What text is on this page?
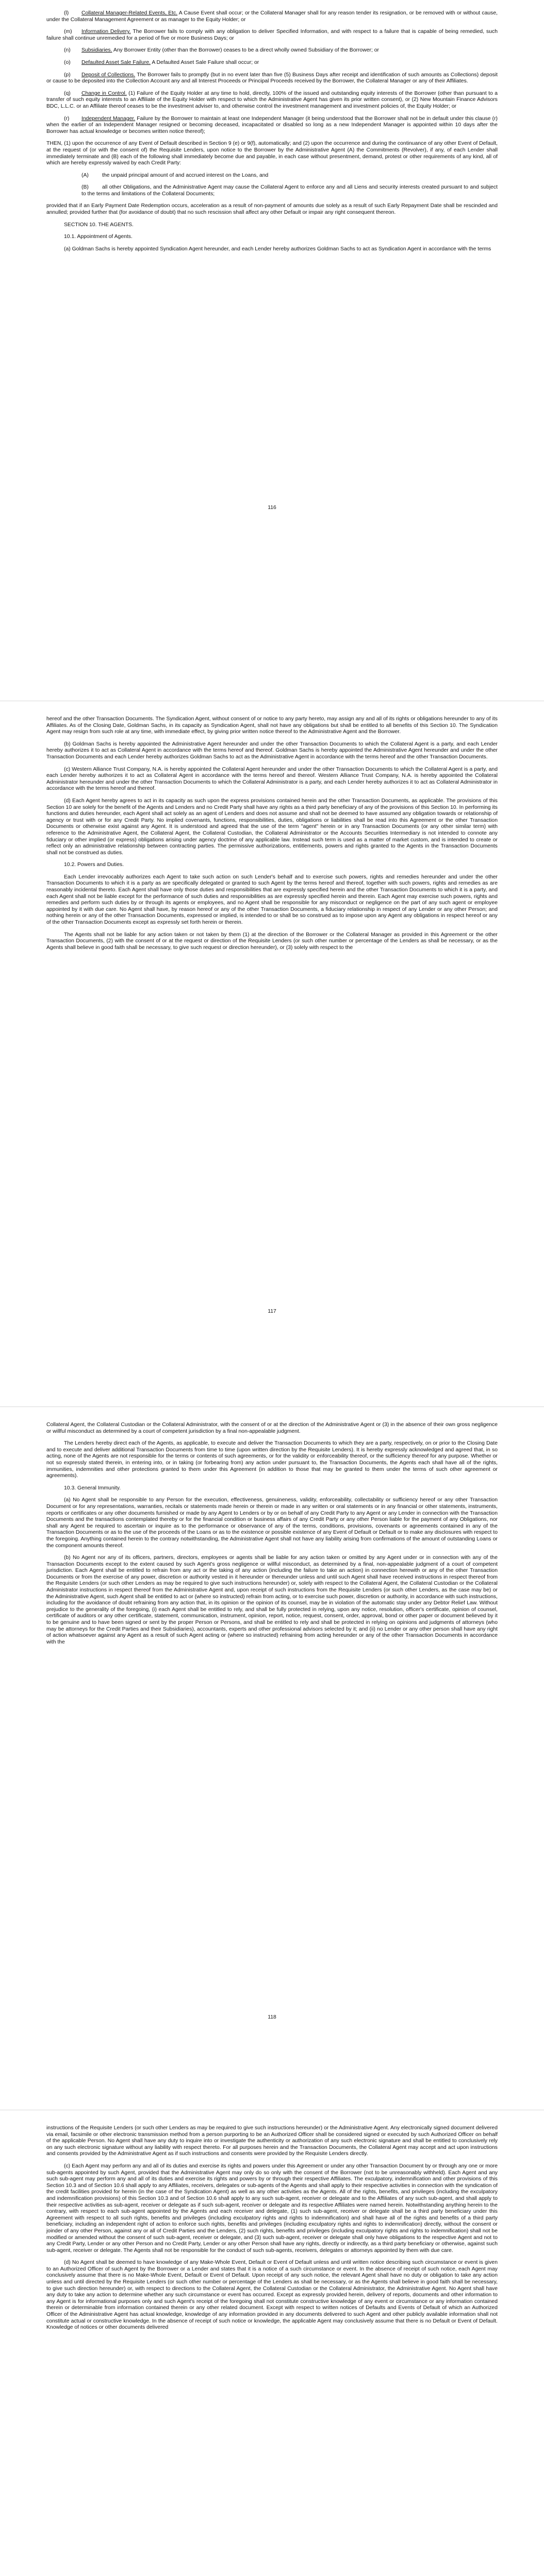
(l) Collateral Manager-Related Events, Etc. A Cause Event shall occur; or the Collateral Manager shall for any reason tender its resignation, or be removed with or without cause, under the Collateral Management Agreement or as manager to the Equity Holder; or

(m) Information Delivery. The Borrower fails to comply with any obligation to deliver Specified Information, and with respect to a failure that is capable of being remedied, such failure shall continue unremedied for a period of five or more Business Days; or

(n) Subsidiaries. Any Borrower Entity (other than the Borrower) ceases to be a direct wholly owned Subsidiary of the Borrower; or

(o) Defaulted Asset Sale Failure. A Defaulted Asset Sale Failure shall occur; or

(p) Deposit of Collections. The Borrower fails to promptly (but in no event later than five (5) Business Days after receipt and identification of such amounts as Collections) deposit or cause to be deposited into the Collection Account any and all Interest Proceeds or Principal Proceeds received by the Borrower, the Collateral Manager or any of their Affiliates.

(q) Change in Control. (1) Failure of the Equity Holder at any time to hold, directly, 100% of the issued and outstanding equity interests of the Borrower (other than pursuant to a transfer of such equity interests to an Affiliate of the Equity Holder with respect to which the Administrative Agent has given its prior written consent), or (2) New Mountain Finance Advisors BDC, L.L.C. or an Affiliate thereof ceases to be the investment adviser to, and otherwise control the investment management and investment policies of, the Equity Holder; or

(r) Independent Manager. Failure by the Borrower to maintain at least one Independent Manager (it being understood that the Borrower shall not be in default under this clause (r) when the earlier of an Independent Manager resigned or becoming deceased, incapacitated or disabled so long as a new Independent Manager is appointed within 10 days after the Borrower has actual knowledge or becomes written notice thereof);

THEN, (1) upon the occurrence of any Event of Default described in Section 9 (e) or 9(f), automatically; and (2) upon the occurrence and during the continuance of any other Event of Default, at the request of (or with the consent of) the Requisite Lenders, upon notice to the Borrower by the Administrative Agent (A) the Commitments (Revolver), if any, of each Lender shall immediately terminate and (B) each of the following shall immediately become due and payable, in each case without presentment, demand, protest or other requirements of any kind, all of which are hereby expressly waived by each Credit Party:

(A)	the unpaid principal amount of and accrued interest on the Loans, and

(B)	all other Obligations, and the Administrative Agent may cause the Collateral Agent to enforce any and all Liens and security interests created pursuant to and subject to the terms and limitations of the Collateral Documents;

provided that if an Early Payment Date Redemption occurs, acceleration as a result of non-payment of amounts due solely as a result of such Early Repayment Date shall be rescinded and annulled; provided further that (for avoidance of doubt) that no such rescission shall affect any other Default or impair any right consequent thereon.

SECTION 10. THE AGENTS.

10.1. Appointment of Agents.

(a) Goldman Sachs is hereby appointed Syndication Agent hereunder, and each Lender hereby authorizes Goldman Sachs to act as Syndication Agent in accordance with the terms

116

hereof and the other Transaction Documents. The Syndication Agent, without consent of or notice to any party hereto, may assign any and all of its rights or obligations hereunder to any of its Affiliates. As of the Closing Date, Goldman Sachs, in its capacity as Syndication Agent, shall not have any obligations but shall be entitled to all benefits of this Section 10. The Syndication Agent may resign from such role at any time, with immediate effect, by giving prior written notice thereof to the Administrative Agent and the Borrower.

(b) Goldman Sachs is hereby appointed the Administrative Agent hereunder and under the other Transaction Documents to which the Collateral Agent is a party, and each Lender hereby authorizes it to act as Collateral Agent in accordance with the terms hereof and thereof. Goldman Sachs is hereby appointed the Administrative Agent hereunder and under the other Transaction Documents and each Lender hereby authorizes Goldman Sachs to act as the Administrative Agent in accordance with the terms hereof and the other Transaction Documents.

(c) Western Alliance Trust Company, N.A. is hereby appointed the Collateral Agent hereunder and under the other Transaction Documents to which the Collateral Agent is a party, and each Lender hereby authorizes it to act as Collateral Agent in accordance with the terms hereof and thereof. Western Alliance Trust Company, N.A. is hereby appointed the Collateral Administrator hereunder and under the other Transaction Documents to which the Collateral Administrator is a party, and each Lender hereby authorizes it to act as Collateral Administrator in accordance with the terms hereof and thereof.

(d) Each Agent hereby agrees to act in its capacity as such upon the express provisions contained herein and the other Transaction Documents, as applicable. The provisions of this Section 10 are solely for the benefit of the Agents and Lenders and no Credit Party shall have any rights as a third party beneficiary of any of the provisions of this Section 10. In performing its functions and duties hereunder, each Agent shall act solely as an agent of Lenders and does not assume and shall not be deemed to have assumed any obligation towards or relationship of agency or trust with or for any Credit Party. No implied covenants, functions, responsibilities, duties, obligations or liabilities shall be read into this Agreement or the other Transaction Documents or otherwise exist against any Agent. It is understood and agreed that the use of the term "agent" herein or in any Transaction Documents (or any other similar term) with reference to the Administrative Agent, the Collateral Agent, the Collateral Custodian, the Collateral Administrator or the Accounts Securities Intermediary is not intended to connote any fiduciary or other implied (or express) obligations arising under agency doctrine of any applicable law. Instead such term is used as a matter of market custom, and is intended to create or reflect only an administrative relationship between contracting parties. The permissive authorizations, entitlements, powers and rights granted to the Agents in the Transaction Documents shall not be construed as duties.

10.2. Powers and Duties.

Each Lender irrevocably authorizes each Agent to take such action on such Lender's behalf and to exercise such powers, rights and remedies hereunder and under the other Transaction Documents to which it is a party as are specifically delegated or granted to such Agent by the terms hereof and thereof, together with such powers, rights and remedies as are reasonably incidental thereto. Each Agent shall have only those duties and responsibilities that are expressly specified herein and the other Transaction Documents to which it is a party, and each Agent shall not be liable except for the performance of such duties and responsibilities as are expressly specified herein and therein. Each Agent may exercise such powers, rights and remedies and perform such duties by or through its agents or employees, and no Agent shall be responsible for any misconduct or negligence on the part of any such agent or employee appointed by it with due care. No Agent shall have, by reason hereof or any of the other Transaction Documents, a fiduciary relationship in respect of any Lender or any other Person; and nothing herein or any of the other Transaction Documents, expressed or implied, is intended to or shall be so construed as to impose upon any Agent any obligations in respect hereof or any of the other Transaction Documents except as expressly set forth herein or therein.

The Agents shall not be liable for any action taken or not taken by them (1) at the direction of the Borrower or the Collateral Manager as provided in this Agreement or the other Transaction Documents, (2) with the consent of or at the request or direction of the Requisite Lenders (or such other number or percentage of the Lenders as shall be necessary, or as the Agents shall believe in good faith shall be necessary, to give such request or direction hereunder), or (3) solely with respect to the

117

Collateral Agent, the Collateral Custodian or the Collateral Administrator, with the consent of or at the direction of the Administrative Agent or (3) in the absence of their own gross negligence or willful misconduct as determined by a court of competent jurisdiction by a final non-appealable judgment.

The Lenders hereby direct each of the Agents, as applicable, to execute and deliver the Transaction Documents to which they are a party, respectively, on or prior to the Closing Date and to execute and deliver additional Transaction Documents from time to time (upon written direction by the Requisite Lenders). It is hereby expressly acknowledged and agreed that, in so acting, none of the Agents are not responsible for the terms or contents of such agreements, or for the validity or enforceability thereof, or the sufficiency thereof for any purpose. Whether or not so expressly stated therein, in entering into, or in taking (or forbearing from) any action under pursuant to, the Transaction Documents, the Agents each shall have all of the rights, immunities, indemnities and other protections granted to them under this Agreement (in addition to those that may be granted to them under the terms of such other agreement or agreements).

10.3. General Immunity.

(a) No Agent shall be responsible to any Person for the execution, effectiveness, genuineness, validity, enforceability, collectability or sufficiency hereof or any other Transaction Document or for any representations, warranties, recitals or statements made herein or therein or made in any written or oral statements or in any financial or other statements, instruments, reports or certificates or any other documents furnished or made by any Agent to Lenders or by or on behalf of any Credit Party to any Agent or any Lender in connection with the Transaction Documents and the transactions contemplated thereby or for the financial condition or business affairs of any Credit Party or any other Person liable for the payment of any Obligations, nor shall any Agent be required to ascertain or inquire as to the performance or observance of any of the terms, conditions, provisions, covenants or agreements contained in any of the Transaction Documents or as to the use of the proceeds of the Loans or as to the existence or possible existence of any Event of Default or Default or to make any disclosures with respect to the foregoing. Anything contained herein to the contrary notwithstanding, the Administrative Agent shall not have any liability arising from confirmations of the amount of outstanding Loans or the component amounts thereof.

(b) No Agent nor any of its officers, partners, directors, employees or agents shall be liable for any action taken or omitted by any Agent under or in connection with any of the Transaction Documents except to the extent caused by such Agent's gross negligence or willful misconduct, as determined by a final, non-appealable judgment of a court of competent jurisdiction. Each Agent shall be entitled to refrain from any act or the taking of any action (including the failure to take an action) in connection herewith or any of the other Transaction Documents or from the exercise of any power, discretion or authority vested in it hereunder or thereunder unless and until such Agent shall have received instructions in respect thereof from the Requisite Lenders (or such other Lenders as may be required to give such instructions hereunder) or, solely with respect to the Collateral Agent, the Collateral Custodian or the Collateral Administrator instructions in respect thereof from the Administrative Agent and, upon receipt of such instructions from the Requisite Lenders (or such other Lenders, as the case may be) or the Administrative Agent, such Agent shall be entitled to act or (where so instructed) refrain from acting, or to exercise such power, discretion or authority, in accordance with such instructions, including for the avoidance of doubt refraining from any action that, in its opinion or the opinion of its counsel, may be in violation of the automatic stay under any Debtor Relief Law. Without prejudice to the generality of the foregoing, (i) each Agent shall be entitled to rely, and shall be fully protected in relying, upon any notice, resolution, officer's certificate, opinion of counsel, certificate of auditors or any other certificate, statement, communication, instrument, opinion, report, notice, request, consent, order, approval, bond or other paper or document believed by it to be genuine and to have been signed or sent by the proper Person or Persons, and shall be entitled to rely and shall be protected in relying on opinions and judgments of attorneys (who may be attorneys for the Credit Parties and their Subsidiaries), accountants, experts and other professional advisors selected by it; and (ii) no Lender or any other person shall have any right of action whatsoever against any Agent as a result of such Agent acting or (where so instructed) refraining from acting hereunder or any of the other Transaction Documents in accordance with the

118

instructions of the Requisite Lenders (or such other Lenders as may be required to give such instructions hereunder) or the Administrative Agent. Any electronically signed document delivered via email, facsimile or other electronic transmission method from a person purporting to be an Authorized Officer shall be considered signed or executed by such Authorized Officer on behalf of the applicable Person. No Agent shall have any duty to inquire into or investigate the authenticity or authorization of any such electronic signature and shall be entitled to conclusively rely on any such electronic signature without any liability with respect thereto. For all purposes herein and the Transaction Documents, the Collateral Agent may accept and act upon instructions and consents provided by the Administrative Agent as if such instructions and consents were provided by the Requisite Lenders directly.

(c) Each Agent may perform any and all of its duties and exercise its rights and powers under this Agreement or under any other Transaction Document by or through any one or more sub-agents appointed by such Agent, provided that the Administrative Agent may only do so only with the consent of the Borrower (not to be unreasonably withheld). Each Agent and any such sub-agent may perform any and all of its duties and exercise its rights and powers by or through their respective Affiliates. The exculpatory, indemnification and other provisions of this Section 10.3 and of Section 10.6 shall apply to any Affiliates, receivers, delegates or sub-agents of the Agents and shall apply to their respective activities in connection with the syndication of the credit facilities provided for herein (in the case of the Syndication Agent) as well as any other activities as the Agents. All of the rights, benefits, and privileges (including the exculpatory and indemnification provisions) of this Section 10.3 and of Section 10.6 shall apply to any such sub-agent, receiver or delegate and to the Affiliates of any such sub-agent, and shall apply to their respective activities as sub-agent, receiver or delegate as if such sub-agent, receiver or delegate and its respective Affiliates were named herein. Notwithstanding anything herein to the contrary, with respect to each sub-agent appointed by the Agents and each receiver and delegate, (1) such sub-agent, receiver or delegate shall be a third party beneficiary under this Agreement with respect to all such rights, benefits and privileges (including exculpatory rights and rights to indemnification) and shall have all of the rights and benefits of a third party beneficiary, including an independent right of action to enforce such rights, benefits and privileges (including exculpatory rights and rights to indemnification) directly, without the consent or joinder of any other Person, against any or all of Credit Parties and the Lenders, (2) such rights, benefits and privileges (including exculpatory rights and rights to indemnification) shall not be modified or amended without the consent of such sub-agent, receiver or delegate, and (3) such sub-agent, receiver or delegate shall only have obligations to the respective Agent and not to any Credit Party, Lender or any other Person and no Credit Party, Lender or any other Person shall have any rights, directly or indirectly, as a third party beneficiary or otherwise, against such sub-agent, receiver or delegate. The Agents shall not be responsible for the conduct of such sub-agents, receivers, delegates or attorneys appointed by them with due care.

(d) No Agent shall be deemed to have knowledge of any Make-Whole Event, Default or Event of Default unless and until written notice describing such circumstance or event is given to an Authorized Officer of such Agent by the Borrower or a Lender and states that it is a notice of a such circumstance or event. In the absence of receipt of such notice, each Agent may conclusively assume that there is no Make-Whole Event, Default or Event of Default. Upon receipt of any such notice, the relevant Agent shall have no duty or obligation to take any action unless and until directed by the Requisite Lenders (or such other number or percentage of the Lenders as shall be necessary, or as the Agents shall believe in good faith shall be necessary, to give such direction hereunder) or, with respect to directions to the Collateral Agent, the Collateral Custodian or the Collateral Administrator, the Administrative Agent. No Agent shall have any duty to take any action to determine whether any such circumstance or event has occurred. Except as expressly provided herein, delivery of reports, documents and other information to any Agent is for informational purposes only and such Agent's receipt of the foregoing shall not constitute constructive knowledge of any event or circumstance or any information contained therein or determinable from information contained therein or any other related document. Except with respect to written notices of Defaults and Events of Default of which an Authorized Officer of the Administrative Agent has actual knowledge, knowledge of any information provided in any documents delivered to such Agent and other publicly available information shall not constitute actual or constructive knowledge. In the absence of receipt of such notice or knowledge, the applicable Agent may conclusively assume that there is no Default or Event of Default. Knowledge of notices or other documents delivered
